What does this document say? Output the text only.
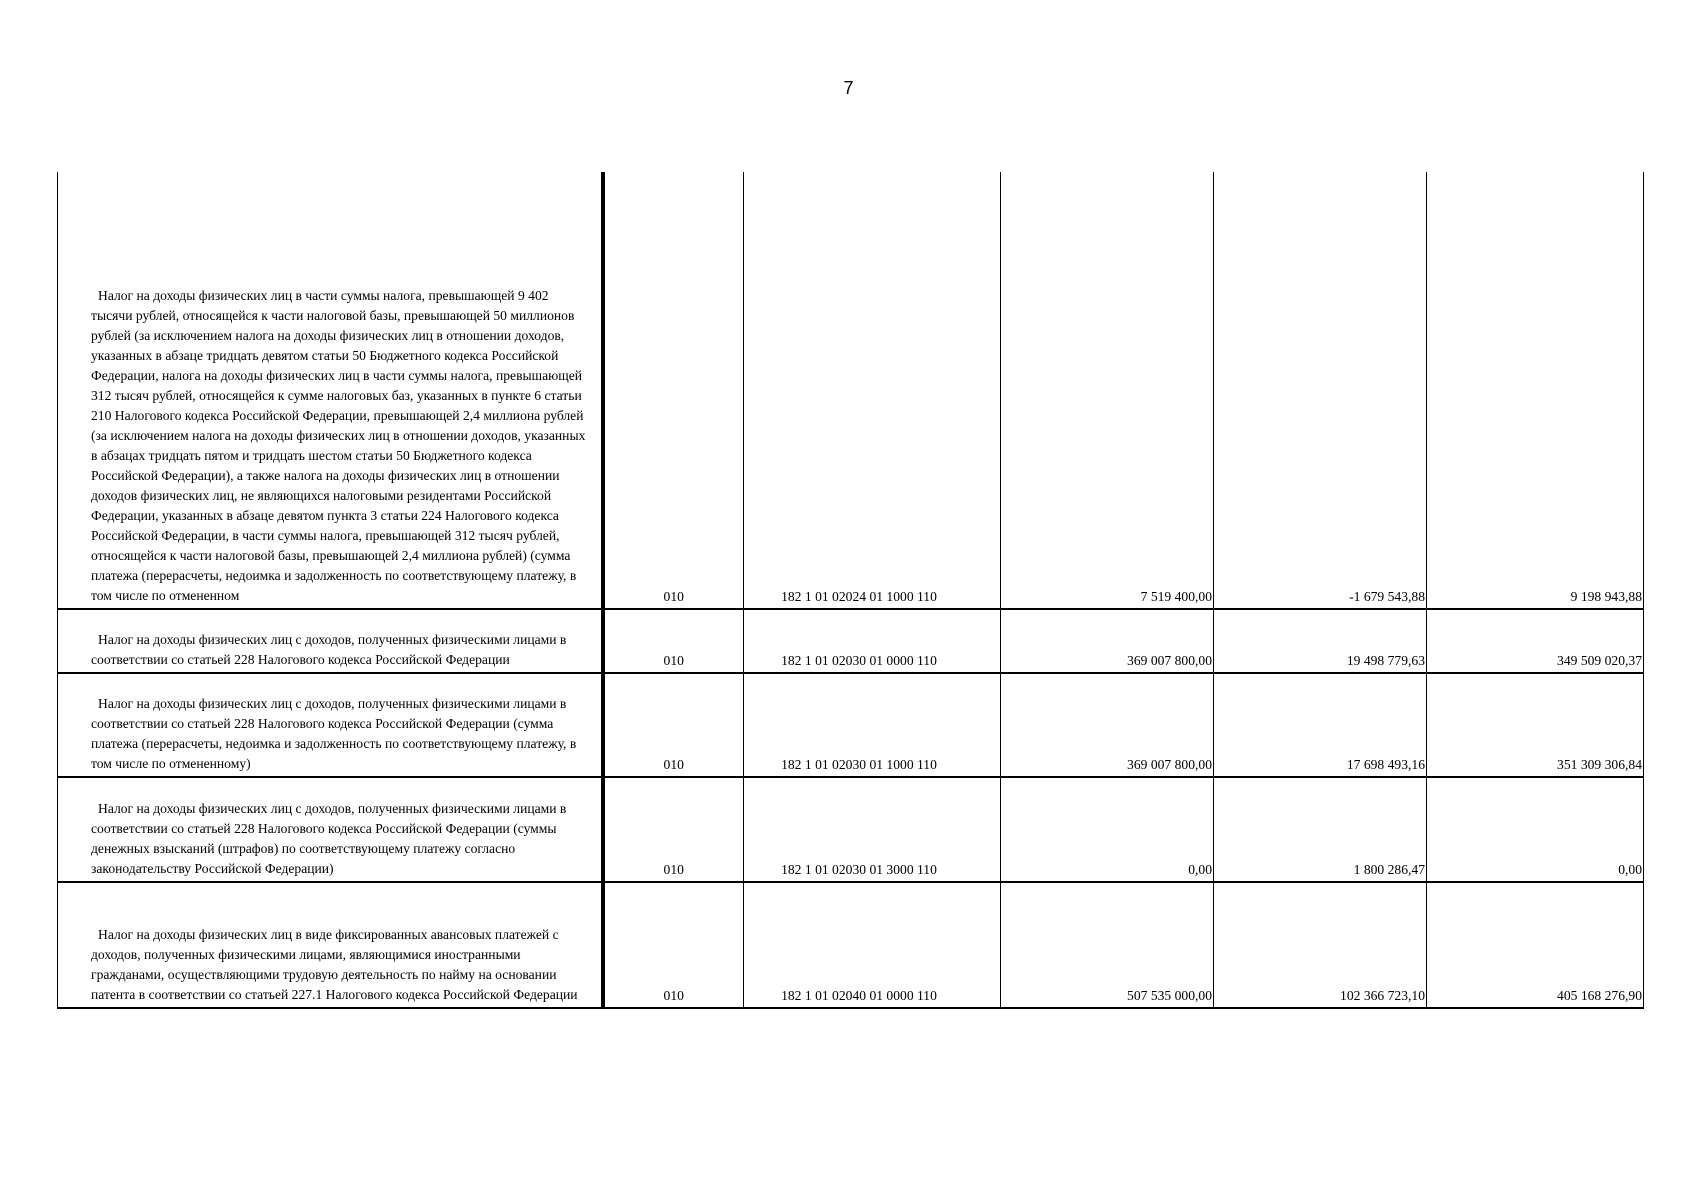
7
Налог на доходы физических лиц в части суммы налога, превышающей 9 402 тысячи рублей, относящейся к части налоговой базы, превышающей 50 миллионов рублей (за исключением налога на доходы физических лиц в отношении доходов, указанных в абзаце тридцать девятом статьи 50 Бюджетного кодекса Российской Федерации, налога на доходы физических лиц в части суммы налога, превышающей 312 тысяч рублей, относящейся к сумме налоговых баз, указанных в пункте 6 статьи 210 Налогового кодекса Российской Федерации, превышающей 2,4 миллиона рублей (за исключением налога на доходы физических лиц в отношении доходов, указанных в абзацах тридцать пятом и тридцать шестом статьи 50 Бюджетного кодекса Российской Федерации), а также налога на доходы физических лиц в отношении доходов физических лиц, не являющихся налоговыми резидентами Российской Федерации, указанных в абзаце девятом пункта 3 статьи 224 Налогового кодекса Российской Федерации, в части суммы налога, превышающей 312 тысяч рублей, относящейся к части налоговой базы, превышающей 2,4 миллиона рублей) (сумма платежа (перерасчеты, недоимка и задолженность по соответствующему платежу, в том числе по отмененном	010	182 1 01 02024 01 1000 110	7 519 400,00	-1 679 543,88	9 198 943,88
Налог на доходы физических лиц с доходов, полученных физическими лицами в соответствии со статьей 228 Налогового кодекса Российской Федерации	010	182 1 01 02030 01 0000 110	369 007 800,00	19 498 779,63	349 509 020,37
Налог на доходы физических лиц с доходов, полученных физическими лицами в соответствии со статьей 228 Налогового кодекса Российской Федерации (сумма платежа (перерасчеты, недоимка и задолженность по соответствующему платежу, в том числе по отмененному)	010	182 1 01 02030 01 1000 110	369 007 800,00	17 698 493,16	351 309 306,84
Налог на доходы физических лиц с доходов, полученных физическими лицами в соответствии со статьей 228 Налогового кодекса Российской Федерации (суммы денежных взысканий (штрафов) по соответствующему платежу согласно законодательству Российской Федерации)	010	182 1 01 02030 01 3000 110	0,00	1 800 286,47	0,00
Налог на доходы физических лиц в виде фиксированных авансовых платежей с доходов, полученных физическими лицами, являющимися иностранными гражданами, осуществляющими трудовую деятельность по найму на основании патента в соответствии со статьей 227.1 Налогового кодекса Российской Федерации	010	182 1 01 02040 01 0000 110	507 535 000,00	102 366 723,10	405 168 276,90
